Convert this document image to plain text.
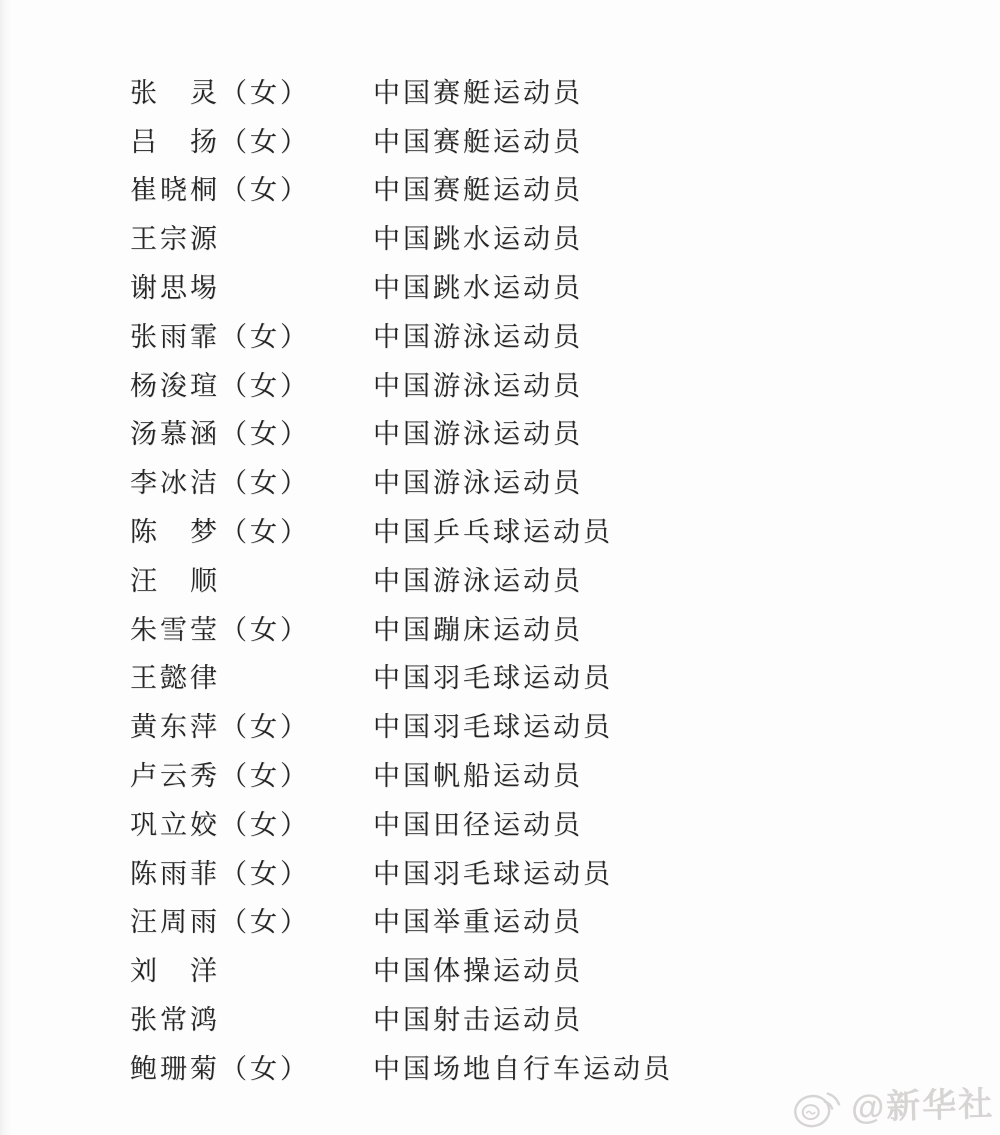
张　灵（女）	中国赛艇运动员
吕　扬（女）	中国赛艇运动员
崔晓桐（女）	中国赛艇运动员
王宗源	中国跳水运动员
谢思埸	中国跳水运动员
张雨霏（女）	中国游泳运动员
杨浚瑄（女）	中国游泳运动员
汤慕涵（女）	中国游泳运动员
李冰洁（女）	中国游泳运动员
陈　梦（女）	中国乒乓球运动员
汪　顺	中国游泳运动员
朱雪莹（女）	中国蹦床运动员
王懿律	中国羽毛球运动员
黄东萍（女）	中国羽毛球运动员
卢云秀（女）	中国帆船运动员
巩立姣（女）	中国田径运动员
陈雨菲（女）	中国羽毛球运动员
汪周雨（女）	中国举重运动员
刘　洋	中国体操运动员
张常鸿	中国射击运动员
鲍珊菊（女）	中国场地自行车运动员
@新华社
